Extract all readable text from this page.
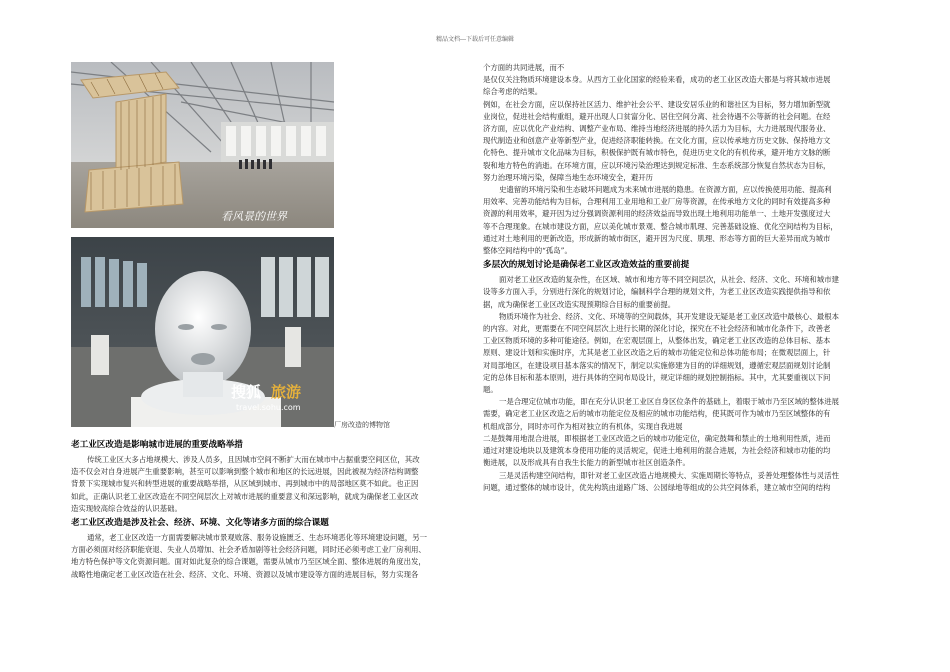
精品文档---下载后可任意编辑
看风景的世界
搜狐 旅游
travel.sohu.com
厂房改造的博物馆

老工业区改造是影响城市进展的重要战略举措

传统工业区大多占地规模大、涉及人员多，且因城市空间不断扩大而在城市中占据重要空间区位，其改

造不仅会对自身进展产生重要影响，甚至可以影响到整个城市和地区的长远进展，因此被视为经济结构调整

背景下实现城市复兴和转型进展的重要战略举措，从区域到城市、再到城市中的局部地区莫不如此。也正因

如此，正确认识老工业区改造在不同空间层次上对城市进展的重要意义和深远影响，就成为确保老工业区改

造实现较高综合效益的认识基础。

老工业区改造是涉及社会、经济、环境、文化等诸多方面的综合课题

通常，老工业区改造一方面需要解决城市景观败落、服务设施匮乏、生态环境恶化等环境建设问题，另一

方面必须面对经济职能衰退、失业人员增加、社会矛盾加剧等社会经济问题，同时还必须考虑工业厂房利用、

地方特色保护等文化资源问题。面对如此复杂的综合课题，需要从城市乃至区域全面、整体进展的角度出发，

战略性地确定老工业区改造在社会、经济、文化、环境、资源以及城市建设等方面的进展目标，努力实现各

个方面的共同进展，而不

是仅仅关注物质环境建设本身。从西方工业化国家的经验来看，成功的老工业区改造大都是与将其城市进展

综合考虑的结果。

例如，在社会方面，应以保持社区活力、维护社会公平、建设安居乐业的和谐社区为目标，努力增加新型就

业岗位，促进社会结构重组，避开出现人口贫富分化、居住空间分离、社会待遇不公等新的社会问题。在经

济方面，应以优化产业结构、调整产业布局、维持当地经济进展的持久活力为目标，大力进展现代服务业、

现代制造业和创意产业等新型产业，促进经济职能转换。在文化方面，应以传承地方历史文脉、保持地方文

化特色、提升城市文化品味为目标，积极保护既有城市特色，促进历史文化的有机传承，避开地方文脉的断

裂和地方特色的消逝。在环境方面，应以环境污染治理达到规定标准、生态系统部分恢复自然状态为目标，

努力治理环境污染，保障当地生态环境安全，避开历

史遗留的环境污染和生态破坏问题成为未来城市进展的隐患。在资源方面，应以传换使用功能、提高利

用效率、完善功能结构为目标，合理利用工业用地和工业厂房等资源，在传承地方文化的同时有效提高多种

资源的利用效率，避开因为过分强调资源利用的经济效益而导致出现土地利用功能单一、土地开发强度过大

等不合理现象。在城市建设方面，应以美化城市景观、整合城市肌理、完善基础设施、优化空间结构为目标，

通过对土地利用的更新改造，形成新的城市街区，避开因为尺度、肌理、形态等方面的巨大差异而成为城市

整体空间结构中的“孤岛”。

多层次的规划讨论是确保老工业区改造效益的重要前提

面对老工业区改造的复杂性，在区域、城市和地方等不同空间层次，从社会、经济、文化、环境和城市建

设等多方面入手，分别进行深化的规划讨论，编制科学合理的规划文件，为老工业区改造实践提供指导和依

据，成为确保老工业区改造实现预期综合目标的重要前提。

物质环境作为社会、经济、文化、环境等的空间载体，其开发建设无疑是老工业区改造中最核心、最根本

的内容。对此，更需要在不同空间层次上进行长期的深化讨论，探究在不社会经济和城市化条件下，改善老

工业区物质环境的多种可能途径。例如，在宏观层面上，从整体出发，确定老工业区改造的总体目标、基本

原则、建设计划和实施时序，尤其是老工业区改造之后的城市功能定位和总体功能布局；在微观层面上，针

对局部地区，在建设项目基本落实的情况下，制定以实施修建为目的的详细规划，遵循宏观层面规划讨论制

定的总体目标和基本原则，进行具体的空间布局设计，规定详细的规划控制指标。其中，尤其要重视以下问

题。

一是合理定位城市功能，即在充分认识老工业区自身区位条件的基础上，着眼于城市乃至区域的整体进展

需要，确定老工业区改造之后的城市功能定位及相应的城市功能结构，使其既可作为城市乃至区域整体的有

机组成部分，同时亦可作为相对独立的有机体，实现自我进展

二是鼓舞用地混合进展，即根据老工业区改造之后的城市功能定位，确定鼓舞和禁止的土地利用性质，进而

通过对建设地块以及建筑本身使用功能的灵活规定，促进土地利用的混合进展，为社会经济和城市功能的均

衡进展，以及形成具有自我生长能力的新型城市社区创造条件。

三是灵活构建空间结构，即针对老工业区改造占地规模大、实施周期长等特点，妥善处理整体性与灵活性

问题，通过整体的城市设计，优先构筑由道路广场、公园绿地等组成的公共空间体系，建立城市空间的结构
